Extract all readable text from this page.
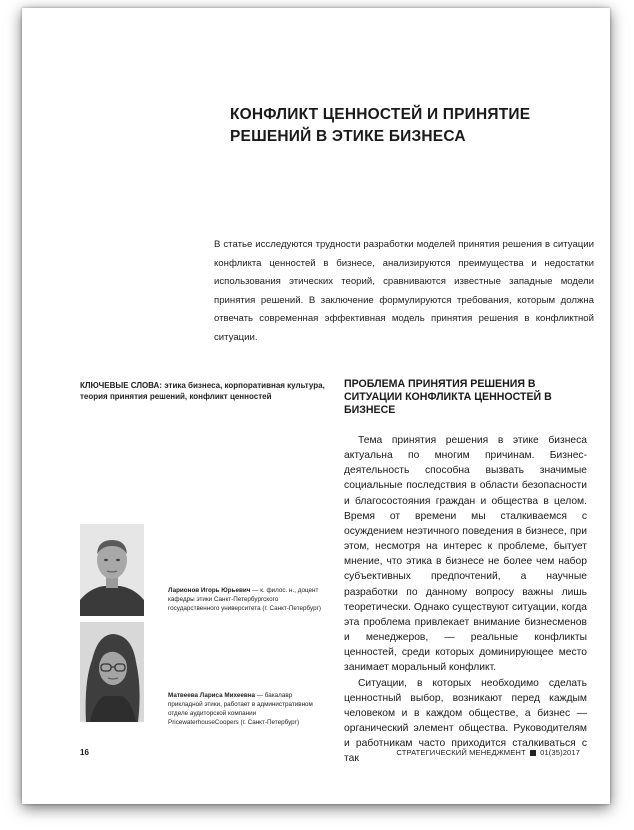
КОНФЛИКТ ЦЕННОСТЕЙ И ПРИНЯТИЕ РЕШЕНИЙ В ЭТИКЕ БИЗНЕСА

В статье исследуются трудности разработки моделей принятия решения в ситуации конфликта ценностей в бизнесе, анализируются преимущества и недостатки использования этических теорий, сравниваются известные западные модели принятия решений. В заключение формулируются требования, которым должна отвечать современная эффективная модель принятия решения в конфликтной ситуации.

КЛЮЧЕВЫЕ СЛОВА: этика бизнеса, корпоративная культура, теория принятия решений, конфликт ценностей
ПРОБЛЕМА ПРИНЯТИЯ РЕШЕНИЯ В СИТУАЦИИ КОНФЛИКТА ЦЕННОСТЕЙ В БИЗНЕСЕ

Тема принятия решения в этике бизнеса актуальна по многим причинам. Бизнес-деятельность способна вызвать значимые социальные последствия в области безопасности и благосостояния граждан и общества в целом. Время от времени мы сталкиваемся с осуждением неэтичного поведения в бизнесе, при этом, несмотря на интерес к проблеме, бытует мнение, что этика в бизнесе не более чем набор субъективных предпочтений, а научные разработки по данному вопросу важны лишь теоретически. Однако существуют ситуации, когда эта проблема привлекает внимание бизнесменов и менеджеров, — реальные конфликты ценностей, среди которых доминирующее место занимает моральный конфликт.

Ситуации, в которых необходимо сделать ценностный выбор, возникают перед каждым человеком и в каждом обществе, а бизнес — органический элемент общества. Руководителям и работникам часто приходится сталкиваться с так

Ларионов Игорь Юрьевич — к. филос. н., доцент кафедры этики Санкт-Петербургского государственного университета (г. Санкт-Петербург)
Матвеева Лариса Михеевна — бакалавр прикладной этики, работает в административном отделе аудиторской компании PricewaterhouseCoopers (г. Санкт-Петербург)
16	СТРАТЕГИЧЕСКИЙ МЕНЕДЖМЕНТ 01(35)2017
